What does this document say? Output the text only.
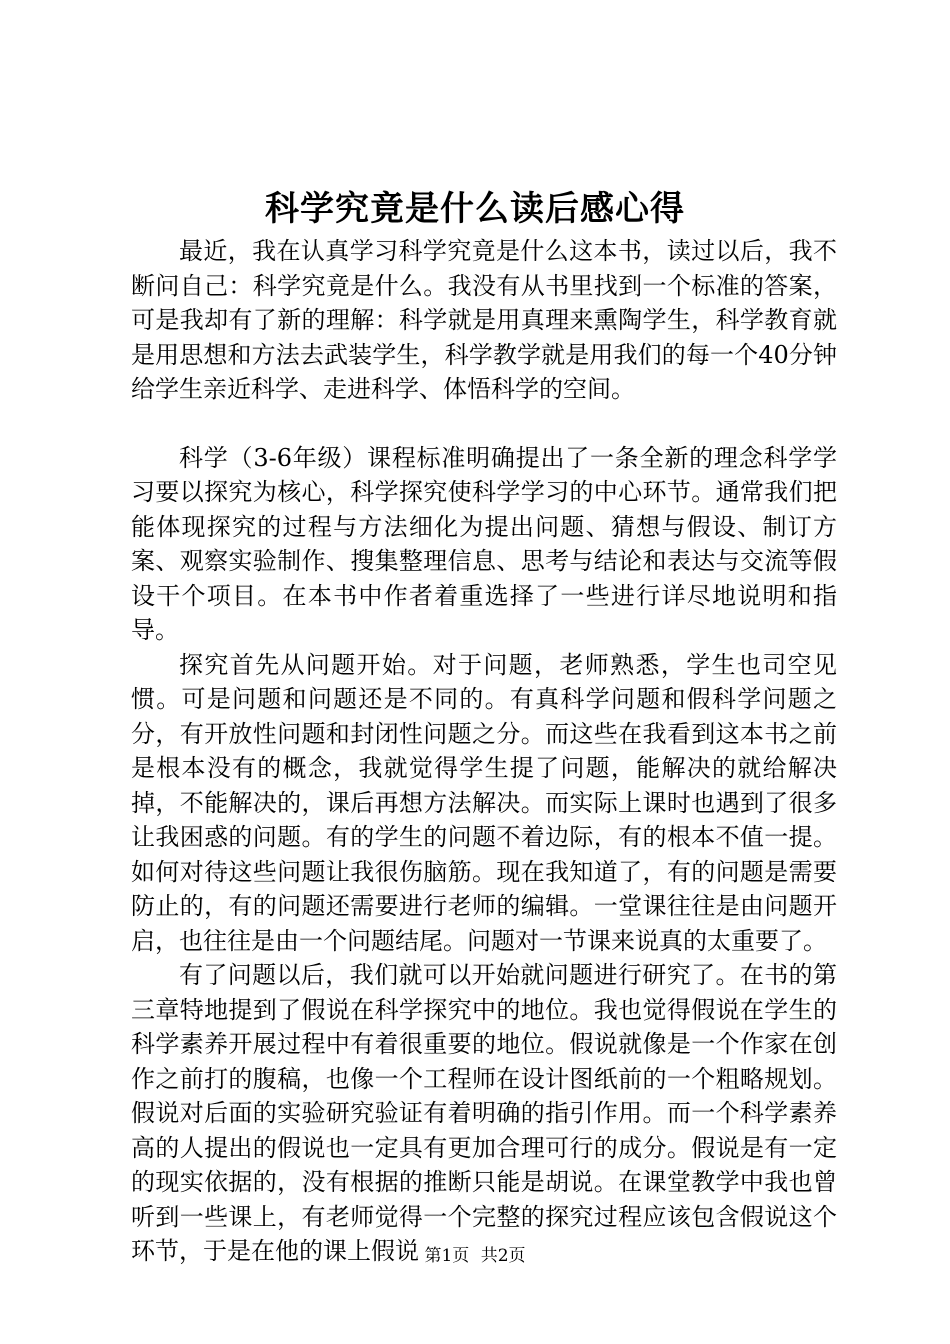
科学究竟是什么读后感心得

最近，我在认真学习科学究竟是什么这本书，读过以后，我不断问自己：科学究竟是什么。我没有从书里找到一个标准的答案，可是我却有了新的理解：科学就是用真理来熏陶学生，科学教育就是用思想和方法去武装学生，科学教学就是用我们的每一个40分钟给学生亲近科学、走进科学、体悟科学的空间。

科学（3-6年级）课程标准明确提出了一条全新的理念科学学习要以探究为核心，科学探究使科学学习的中心环节。通常我们把能体现探究的过程与方法细化为提出问题、猜想与假设、制订方案、观察实验制作、搜集整理信息、思考与结论和表达与交流等假设干个项目。在本书中作者着重选择了一些进行详尽地说明和指导。

探究首先从问题开始。对于问题，老师熟悉，学生也司空见惯。可是问题和问题还是不同的。有真科学问题和假科学问题之分，有开放性问题和封闭性问题之分。而这些在我看到这本书之前是根本没有的概念，我就觉得学生提了问题，能解决的就给解决掉，不能解决的，课后再想方法解决。而实际上课时也遇到了很多让我困惑的问题。有的学生的问题不着边际，有的根本不值一提。如何对待这些问题让我很伤脑筋。现在我知道了，有的问题是需要防止的，有的问题还需要进行老师的编辑。一堂课往往是由问题开启，也往往是由一个问题结尾。问题对一节课来说真的太重要了。

有了问题以后，我们就可以开始就问题进行研究了。在书的第三章特地提到了假说在科学探究中的地位。我也觉得假说在学生的科学素养开展过程中有着很重要的地位。假说就像是一个作家在创作之前打的腹稿，也像一个工程师在设计图纸前的一个粗略规划。假说对后面的实验研究验证有着明确的指引作用。而一个科学素养高的人提出的假说也一定具有更加合理可行的成分。假说是有一定的现实依据的，没有根据的推断只能是胡说。在课堂教学中我也曾听到一些课上，有老师觉得一个完整的探究过程应该包含假说这个环节，于是在他的课上假说 第1页 共2页
